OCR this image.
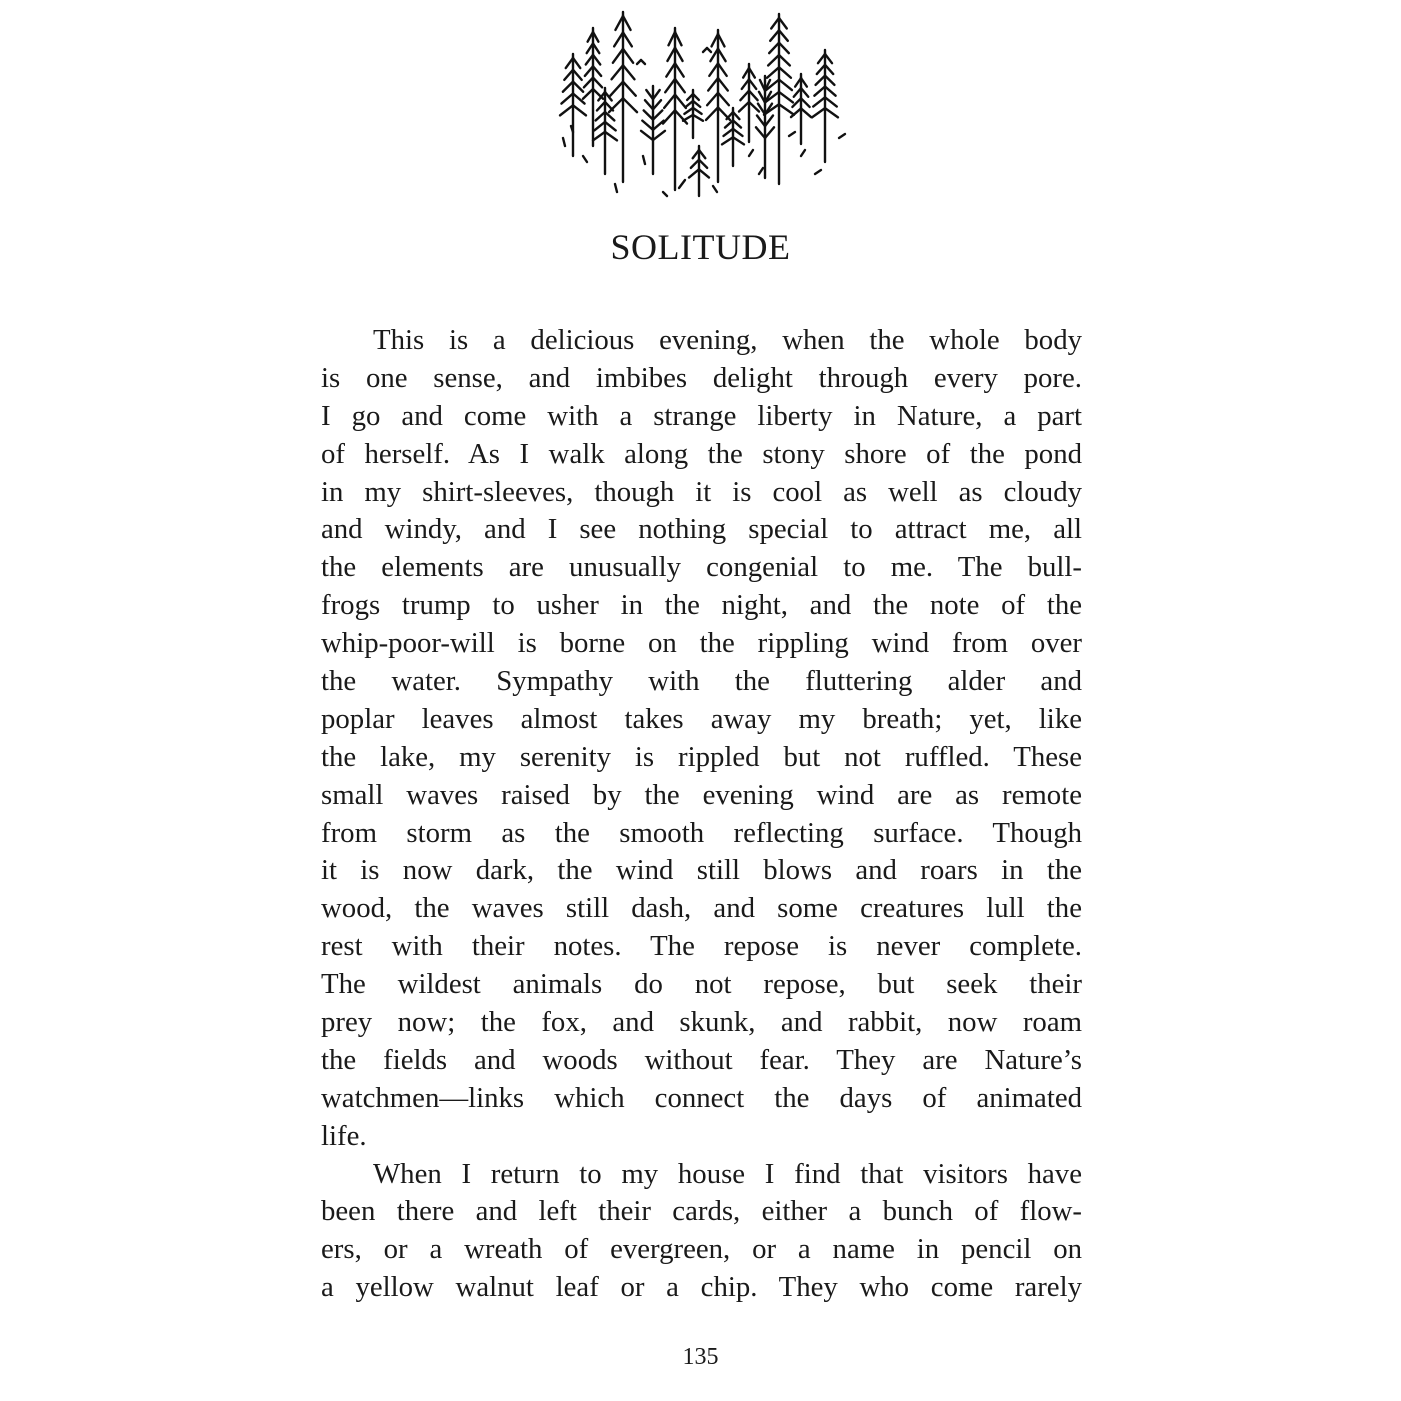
SOLITUDE
This is a delicious evening, when the whole body
is one sense, and imbibes delight through every pore.
I go and come with a strange liberty in Nature, a part
of herself. As I walk along the stony shore of the pond
in my shirt-sleeves, though it is cool as well as cloudy
and windy, and I see nothing special to attract me, all
the elements are unusually congenial to me. The bull-
frogs trump to usher in the night, and the note of the
whip-poor-will is borne on the rippling wind from over
the water. Sympathy with the fluttering alder and
poplar leaves almost takes away my breath; yet, like
the lake, my serenity is rippled but not ruffled. These
small waves raised by the evening wind are as remote
from storm as the smooth reflecting surface. Though
it is now dark, the wind still blows and roars in the
wood, the waves still dash, and some creatures lull the
rest with their notes. The repose is never complete.
The wildest animals do not repose, but seek their
prey now; the fox, and skunk, and rabbit, now roam
the fields and woods without fear. They are Nature’s
watchmen—links which connect the days of animated
life.
When I return to my house I find that visitors have
been there and left their cards, either a bunch of flow-
ers, or a wreath of evergreen, or a name in pencil on
a yellow walnut leaf or a chip. They who come rarely
135
